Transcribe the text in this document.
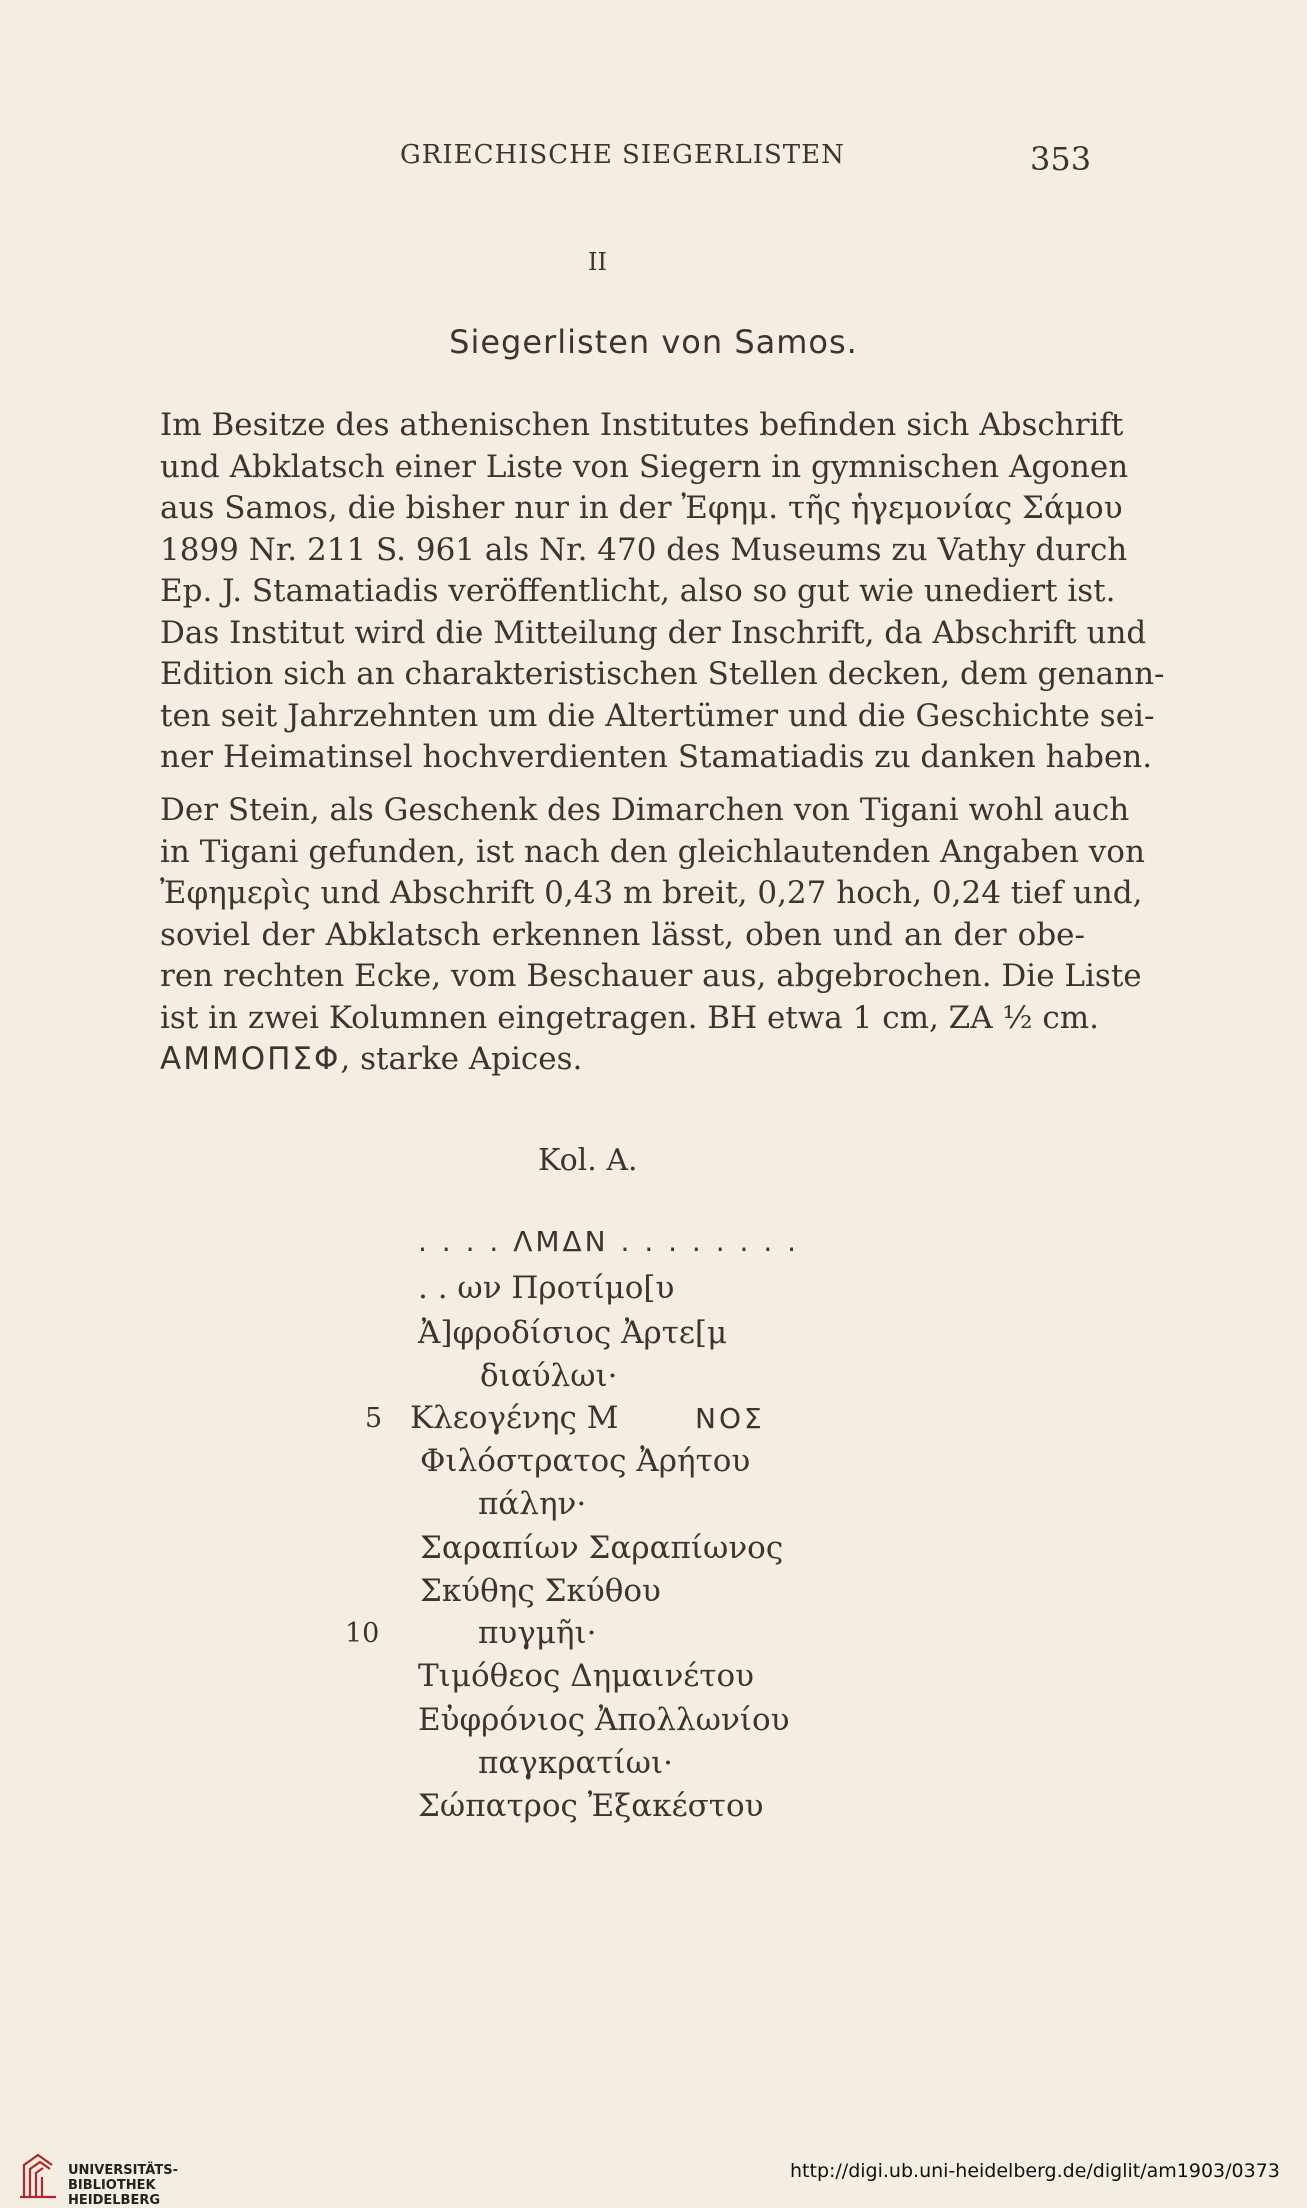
GRIECHISCHE SIEGERLISTEN	353
II
Siegerlisten von Samos.
Im Besitze des athenischen Institutes befinden sich Abschrift
und Abklatsch einer Liste von Siegern in gymnischen Agonen
aus Samos, die bisher nur in der Ἐφημ. τῆς ἡγεμονίας Σάμου
1899 Nr. 211 S. 961 als Nr. 470 des Museums zu Vathy durch
Ep. J. Stamatiadis veröffentlicht, also so gut wie unediert ist.
Das Institut wird die Mitteilung der Inschrift, da Abschrift und
Edition sich an charakteristischen Stellen decken, dem genann-
ten seit Jahrzehnten um die Altertümer und die Geschichte sei-
ner Heimatinsel hochverdienten Stamatiadis zu danken haben.
Der Stein, als Geschenk des Dimarchen von Tigani wohl auch
in Tigani gefunden, ist nach den gleichlautenden Angaben von
Ἐφημερὶς und Abschrift 0,43 m breit, 0,27 hoch, 0,24 tief und,
soviel der Abklatsch erkennen lässt, oben und an der obe-
ren rechten Ecke, vom Beschauer aus, abgebrochen. Die Liste
ist in zwei Kolumnen eingetragen. BH etwa 1 cm, ZA ½ cm.
ΑΜΜΟΠΣΦ, starke Apices.
Kol. A.
. . . . ΛΜΔΝ . . . . . . . .
. . ων Προτίμο[υ
Ἀ]φροδίσιος Ἀρτε[μ
διαύλωι·
5 Κλεογένης Μ	ΝΟΣ
Φιλόστρατος Ἀρήτου
πάλην·
Σαραπίων Σαραπίωνος
Σκύθης Σκύθου
10	πυγμῆι·
Τιμόθεος Δημαινέτου
Εὐφρόνιος Ἀπολλωνίου
παγκρατίωι·
Σώπατρος Ἐξακέστου
UNIVERSITÄTS-
BIBLIOTHEK
HEIDELBERG
http://digi.ub.uni-heidelberg.de/diglit/am1903/0373
